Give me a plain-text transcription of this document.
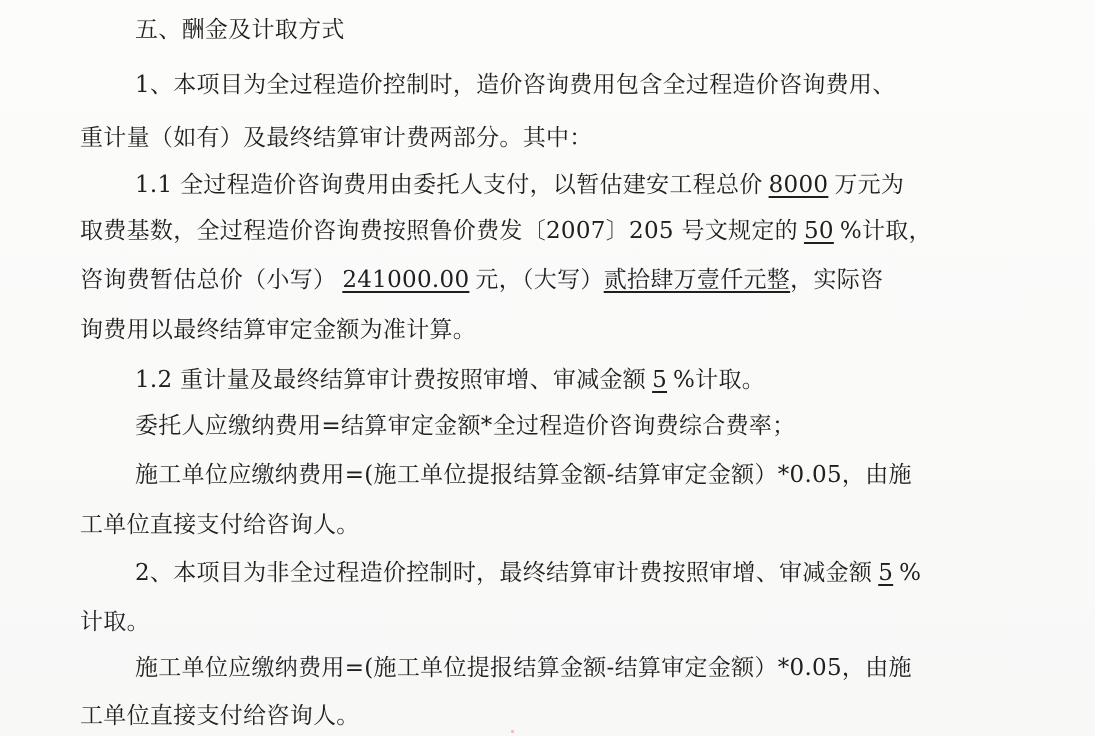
五、酬金及计取方式
1、本项目为全过程造价控制时，造价咨询费用包含全过程造价咨询费用、
重计量（如有）及最终结算审计费两部分。其中：
1.1 全过程造价咨询费用由委托人支付，以暂估建安工程总价 8000 万元为
取费基数，全过程造价咨询费按照鲁价费发〔2007〕205 号文规定的 50 %计取，
咨询费暂估总价（小写） 241000.00 元，（大写）贰拾肆万壹仟元整，实际咨
询费用以最终结算审定金额为准计算。
1.2 重计量及最终结算审计费按照审增、审减金额 5 %计取。
委托人应缴纳费用=结算审定金额*全过程造价咨询费综合费率；
施工单位应缴纳费用=(施工单位提报结算金额-结算审定金额）*0.05，由施
工单位直接支付给咨询人。
2、本项目为非全过程造价控制时，最终结算审计费按照审增、审减金额 5 %
计取。
施工单位应缴纳费用=(施工单位提报结算金额-结算审定金额）*0.05，由施
工单位直接支付给咨询人。
